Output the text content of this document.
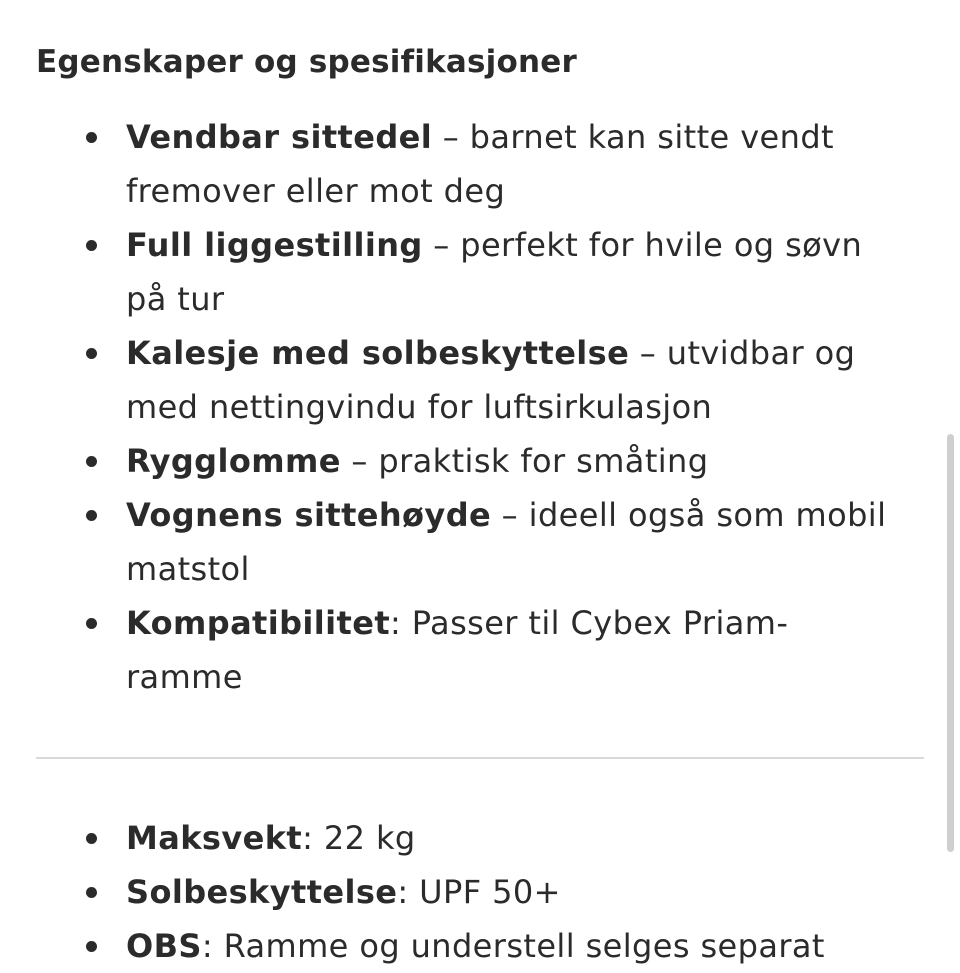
Egenskaper og spesifikasjoner
Vendbar sittedel – barnet kan sitte vendt fremover eller mot deg
Full liggestilling – perfekt for hvile og søvn på tur
Kalesje med solbeskyttelse – utvidbar og med nettingvindu for luftsirkulasjon
Rygglomme – praktisk for småting
Vognens sittehøyde – ideell også som mobil matstol
Kompatibilitet: Passer til Cybex Priam-ramme
Maksvekt: 22 kg
Solbeskyttelse: UPF 50+
OBS: Ramme og understell selges separat
